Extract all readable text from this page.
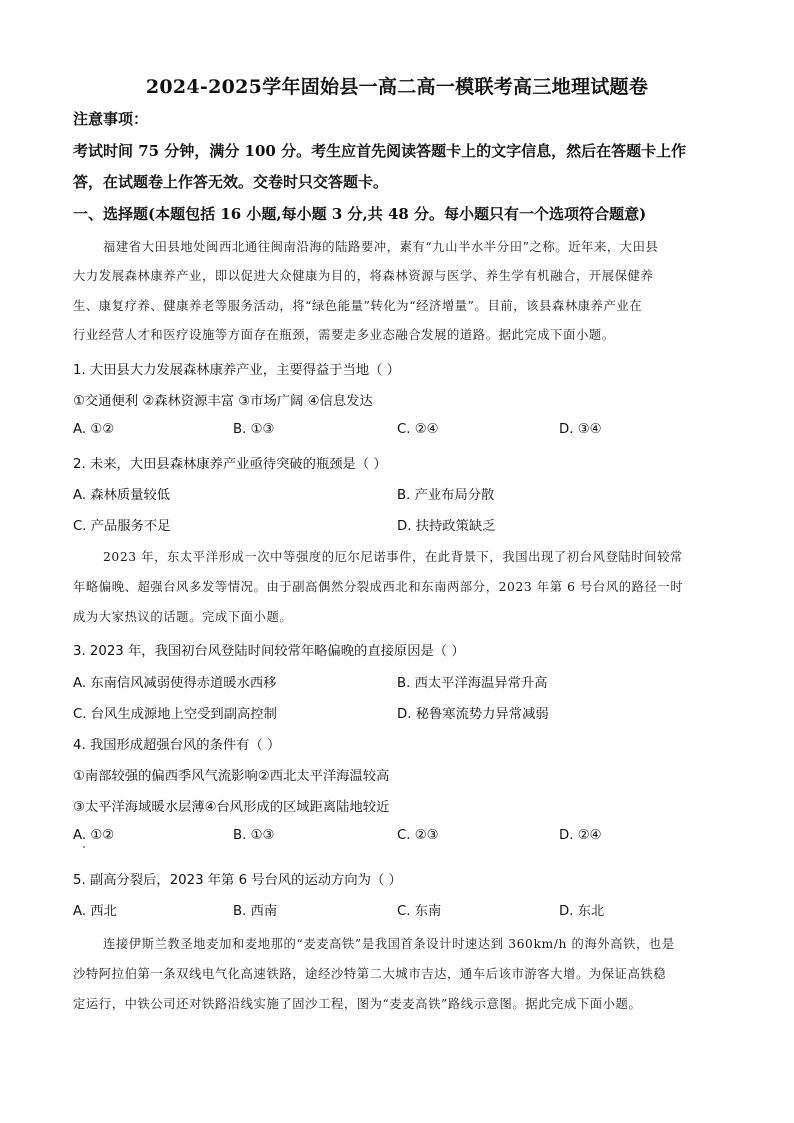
2024-2025学年固始县一高二高一模联考高三地理试题卷
注意事项：
考试时间 75 分钟，满分 100 分。考生应首先阅读答题卡上的文字信息，然后在答题卡上作
答，在试题卷上作答无效。交卷时只交答题卡。
一、选择题(本题包括 16 小题,每小题 3 分,共 48 分。每小题只有一个选项符合题意)
福建省大田县地处闽西北通往闽南沿海的陆路要冲，素有“九山半水半分田”之称。近年来，大田县
大力发展森林康养产业，即以促进大众健康为目的，将森林资源与医学、养生学有机融合，开展保健养
生、康复疗养、健康养老等服务活动，将“绿色能量”转化为“经济增量”。目前，该县森林康养产业在
行业经营人才和医疗设施等方面存在瓶颈，需要走多业态融合发展的道路。据此完成下面小题。
1. 大田县大力发展森林康养产业，主要得益于当地（ ）
①交通便利 ②森林资源丰富 ③市场广阔 ④信息发达
A. ①②	B. ①③	C. ②④	D. ③④
2. 未来，大田县森林康养产业亟待突破的瓶颈是（ ）
A. 森林质量较低	B. 产业布局分散
C. 产品服务不足	D. 扶持政策缺乏
2023 年，东太平洋形成一次中等强度的厄尔尼诺事件，在此背景下，我国出现了初台风登陆时间较常
年略偏晚、超强台风多发等情况。由于副高偶然分裂成西北和东南两部分，2023 年第 6 号台风的路径一时
成为大家热议的话题。完成下面小题。
3. 2023 年，我国初台风登陆时间较常年略偏晚的直接原因是（ ）
A. 东南信风减弱使得赤道暖水西移	B. 西太平洋海温异常升高
C. 台风生成源地上空受到副高控制	D. 秘鲁寒流势力异常减弱
4. 我国形成超强台风的条件有（ ）
①南部较强的偏西季风气流影响②西北太平洋海温较高
③太平洋海域暖水层薄④台风形成的区域距离陆地较近
A. ①②	B. ①③	C. ②③	D. ②④
5. 副高分裂后，2023 年第 6 号台风的运动方向为（ ）
A. 西北	B. 西南	C. 东南	D. 东北
连接伊斯兰教圣地麦加和麦地那的“麦麦高铁”是我国首条设计时速达到 360km/h 的海外高铁，也是
沙特阿拉伯第一条双线电气化高速铁路，途经沙特第二大城市吉达，通车后该市游客大增。为保证高铁稳
定运行，中铁公司还对铁路沿线实施了固沙工程，图为“麦麦高铁”路线示意图。据此完成下面小题。
